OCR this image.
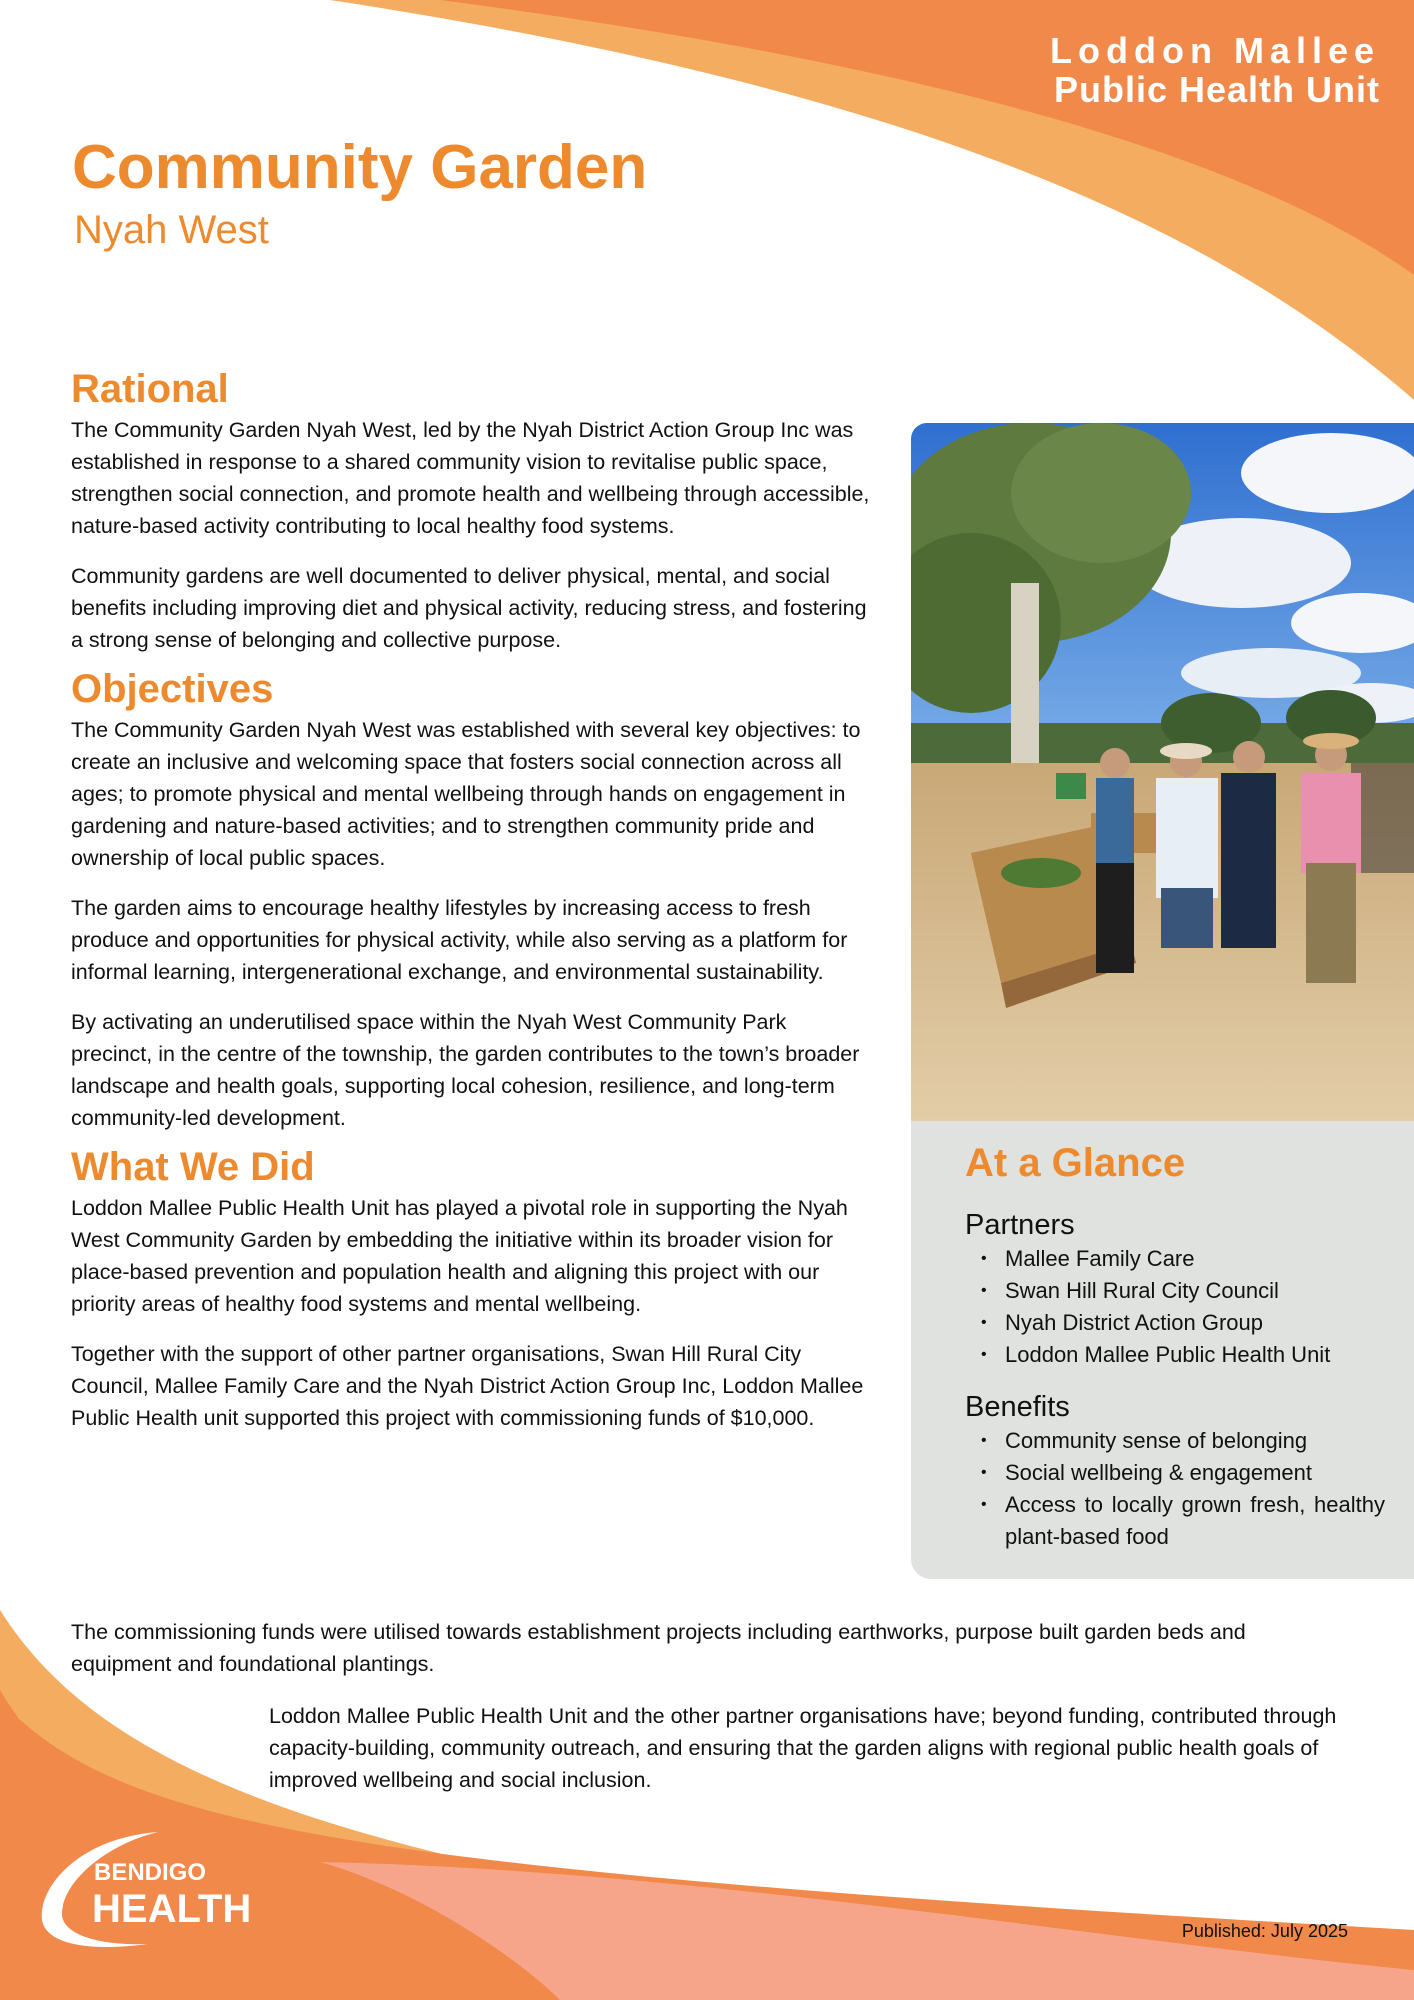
Loddon Mallee
Public Health Unit
Community Garden
Nyah West
Rational

The Community Garden Nyah West, led by the Nyah District Action Group Inc was established in response to a shared community vision to revitalise public space, strengthen social connection, and promote health and wellbeing through accessible, nature-based activity contributing to local healthy food systems.

Community gardens are well documented to deliver physical, mental, and social benefits including improving diet and physical activity, reducing stress, and fostering a strong sense of belonging and collective purpose.

Objectives

The Community Garden Nyah West was established with several key objectives: to create an inclusive and welcoming space that fosters social connection across all ages; to promote physical and mental wellbeing through hands on engagement in gardening and nature-based activities; and to strengthen community pride and ownership of local public spaces.

The garden aims to encourage healthy lifestyles by increasing access to fresh produce and opportunities for physical activity, while also serving as a platform for informal learning, intergenerational exchange, and environmental sustainability.

By activating an underutilised space within the Nyah West Community Park precinct, in the centre of the township, the garden contributes to the town’s broader landscape and health goals, supporting local cohesion, resilience, and long-term community-led development.

What We Did

Loddon Mallee Public Health Unit has played a pivotal role in supporting the Nyah West Community Garden by embedding the initiative within its broader vision for place-based prevention and population health and aligning this project with our priority areas of healthy food systems and mental wellbeing.

Together with the support of other partner organisations, Swan Hill Rural City Council, Mallee Family Care and the Nyah District Action Group Inc, Loddon Mallee Public Health unit supported this project with commissioning funds of $10,000.

The commissioning funds were utilised towards establishment projects including earthworks, purpose built garden beds and equipment and foundational plantings.

Loddon Mallee Public Health Unit and the other partner organisations have; beyond funding, contributed through capacity-building, community outreach, and ensuring that the garden aligns with regional public health goals of improved wellbeing and social inclusion.

At a Glance
Partners
• Mallee Family Care
• Swan Hill Rural City Council
• Nyah District Action Group
• Loddon Mallee Public Health Unit
Benefits
• Community sense of belonging
• Social wellbeing & engagement
• Access to locally grown fresh, healthy plant-based food
BENDIGO
HEALTH	Published: July 2025
